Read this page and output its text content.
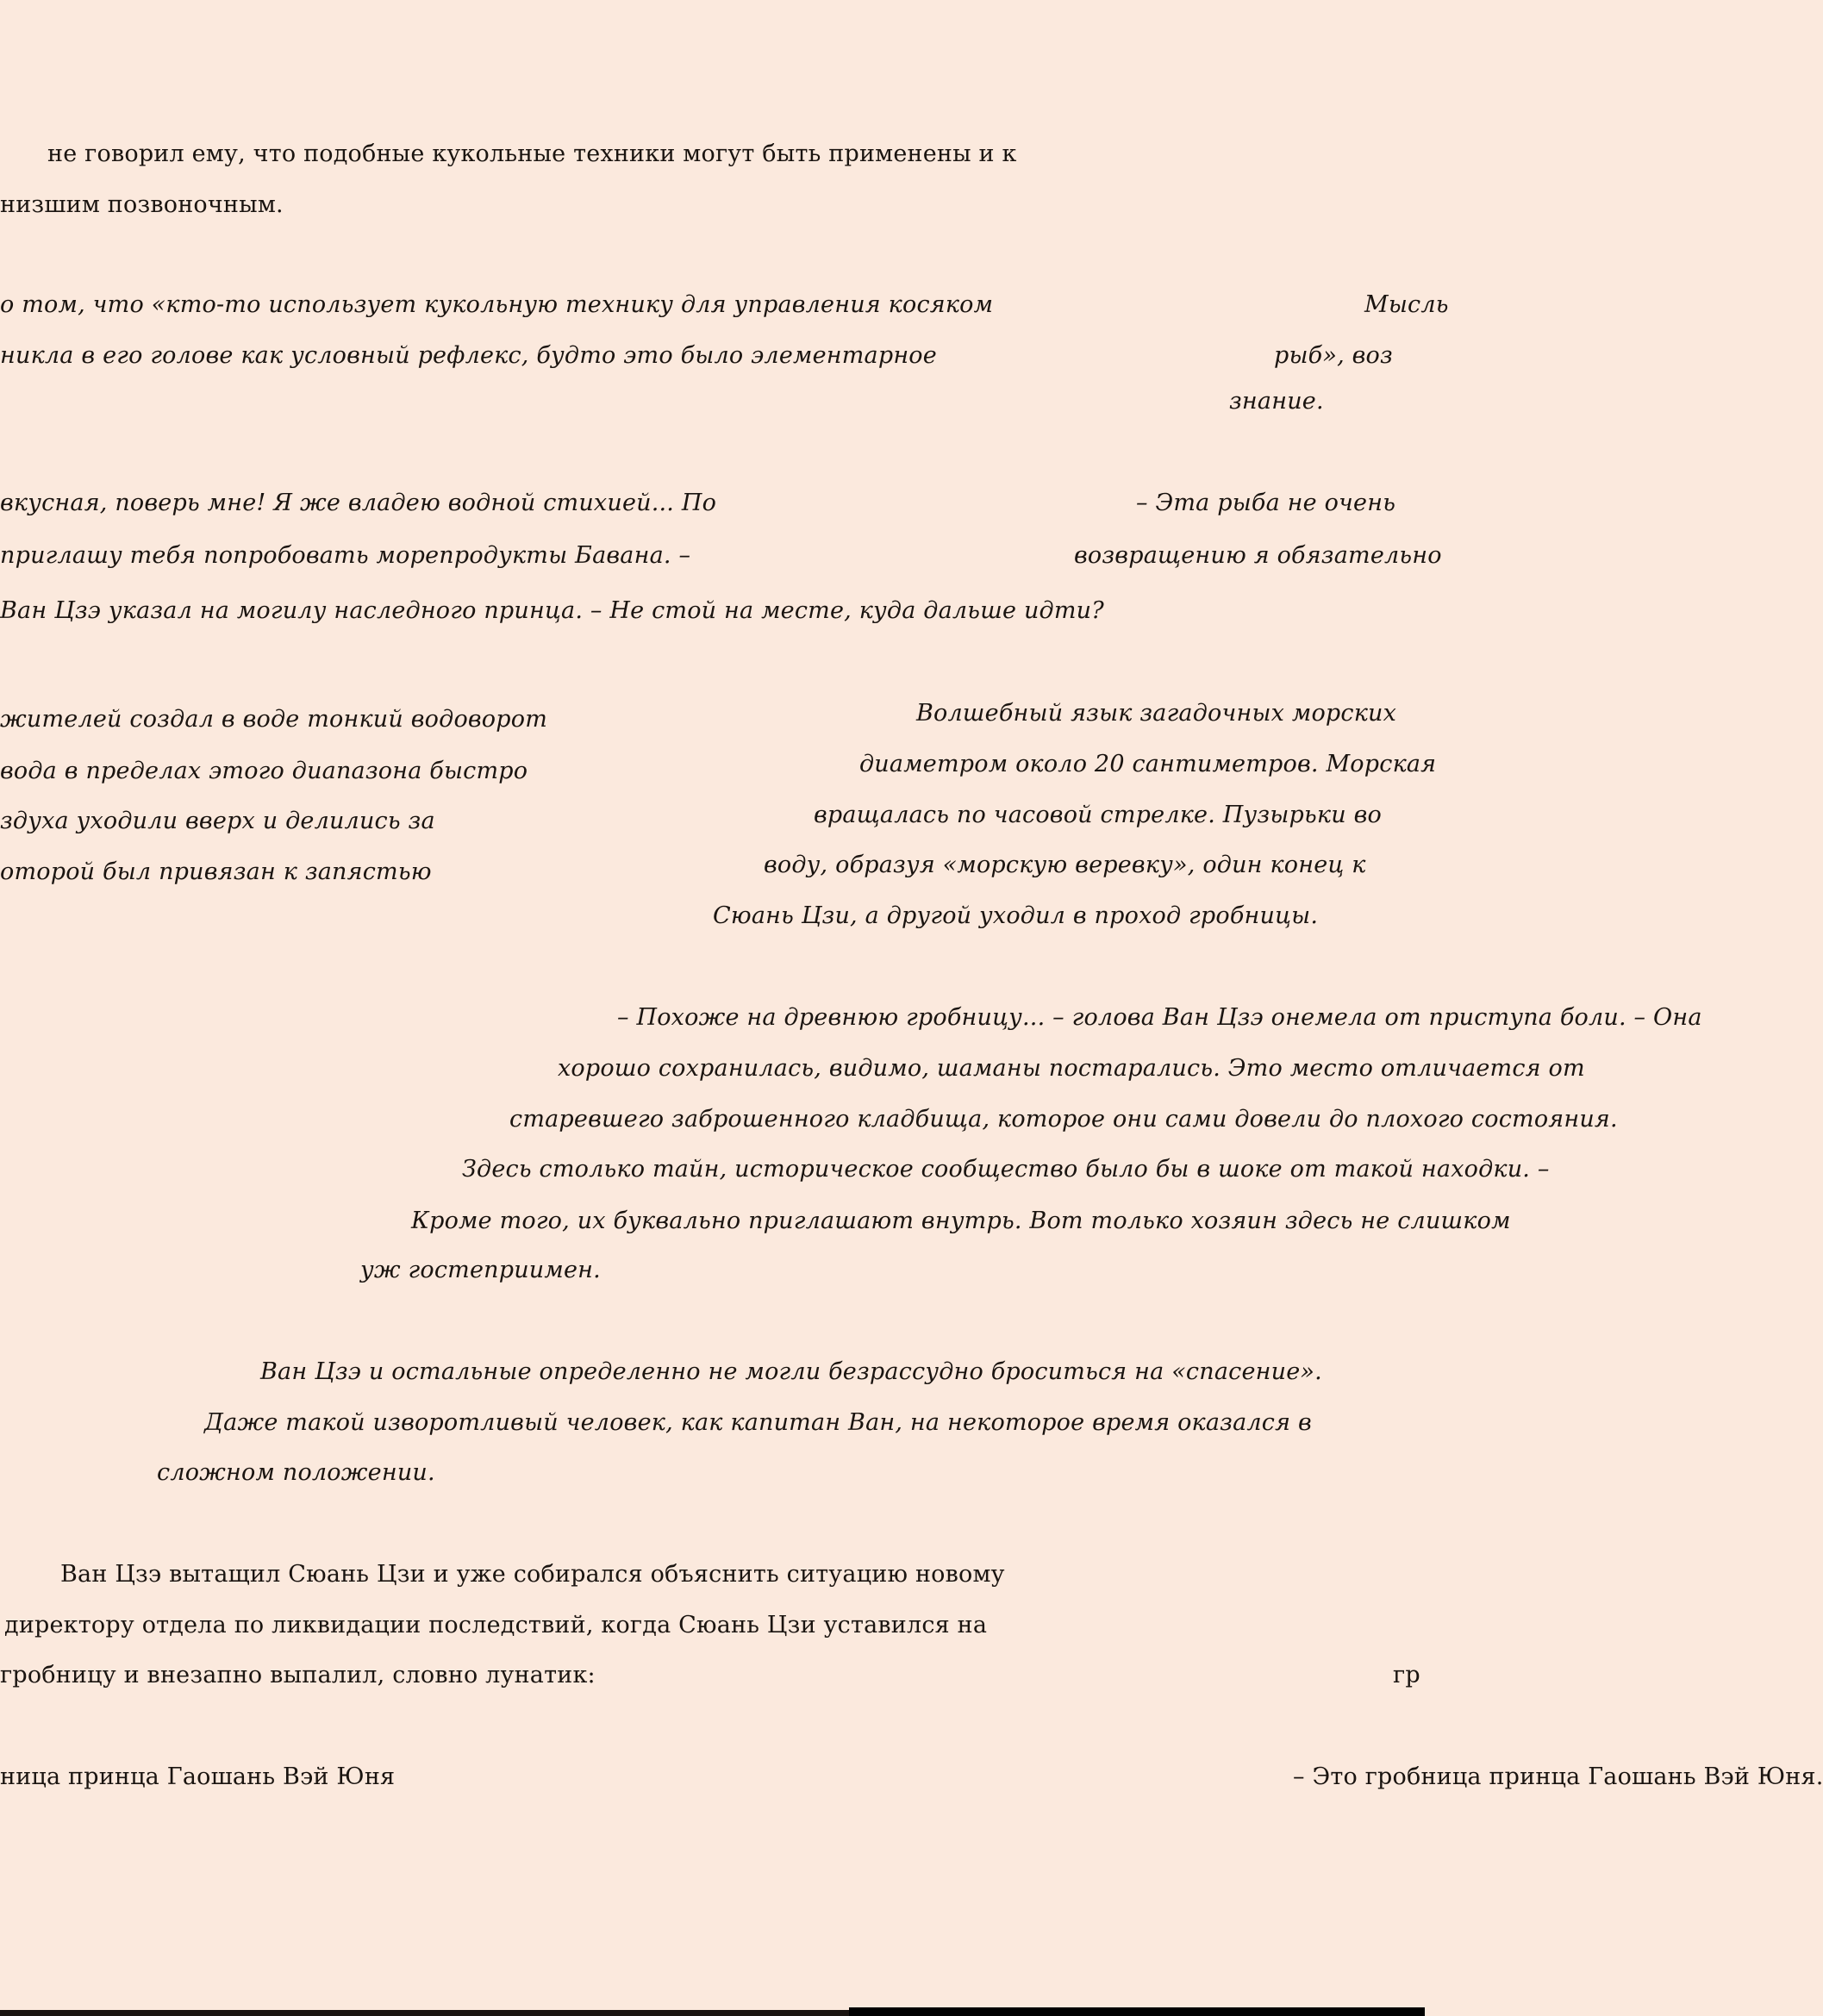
не говорил ему, что подобные кукольные техники могут быть применены и к
низшим позвоночным.
Мысль
о том, что «кто-то использует кукольную технику для управления косяком
рыб», воз
никла в его голове как условный рефлекс, будто это было элементарное
знание.
– Эта рыба не очень
вкусная, поверь мне! Я же владею водной стихией... По
возвращению я обязательно
приглашу тебя попробовать морепродукты Бавана. –
Ван Цзэ указал на могилу наследного принца. – Не стой на месте, куда дальше идти?
Волшебный язык загадочных морских
жителей создал в воде тонкий водоворот
диаметром около 20 сантиметров. Морская
вода в пределах этого диапазона быстро
вращалась по часовой стрелке. Пузырьки во
здуха уходили вверх и делились за
воду, образуя «морскую веревку», один конец к
оторой был привязан к запястью
Сюань Цзи, а другой уходил в проход гробницы.
– Похоже на древнюю гробницу... – голова Ван Цзэ онемела от приступа боли. – Она
хорошо сохранилась, видимо, шаманы постарались. Это место отличается от
старевшего заброшенного кладбища, которое они сами довели до плохого состояния.
Здесь столько тайн, историческое сообщество было бы в шоке от такой находки. –
Кроме того, их буквально приглашают внутрь. Вот только хозяин здесь не слишком
уж гостеприимен.
Ван Цзэ и остальные определенно не могли безрассудно броситься на «спасение».
Даже такой изворотливый человек, как капитан Ван, на некоторое время оказался в
сложном положении.
Ван Цзэ вытащил Сюань Цзи и уже собирался объяснить ситуацию новому
директору отдела по ликвидации последствий, когда Сюань Цзи уставился на
гробницу и внезапно выпалил, словно лунатик:	гр
– Это гробница принца Гаошань Вэй Юня.
ница принца Гаошань Вэй Юня
